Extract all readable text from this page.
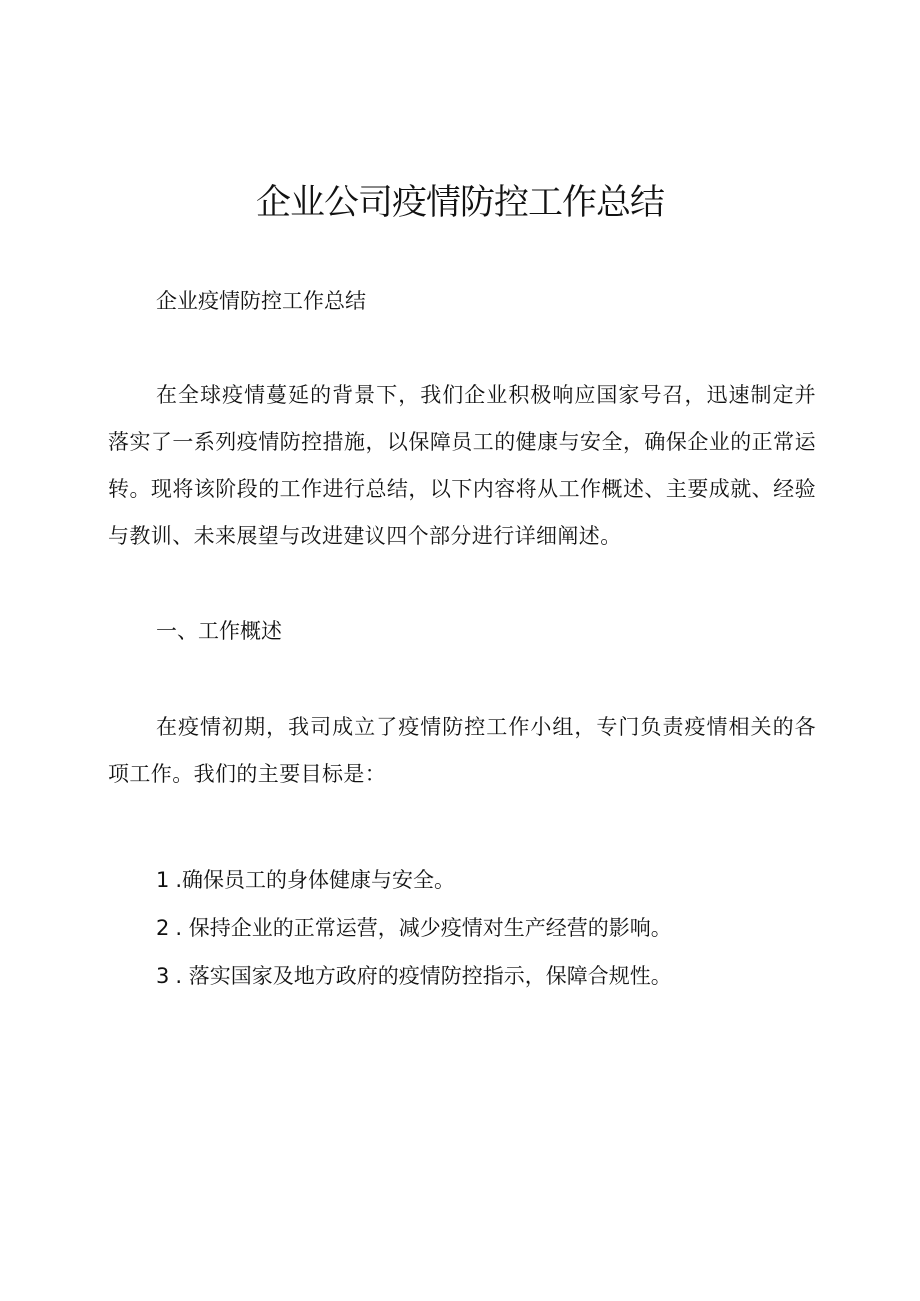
企业公司疫情防控工作总结

企业疫情防控工作总结

在全球疫情蔓延的背景下，我们企业积极响应国家号召，迅速制定并落实了一系列疫情防控措施，以保障员工的健康与安全，确保企业的正常运转。现将该阶段的工作进行总结，以下内容将从工作概述、主要成就、经验与教训、未来展望与改进建议四个部分进行详细阐述。

一、工作概述

在疫情初期，我司成立了疫情防控工作小组，专门负责疫情相关的各项工作。我们的主要目标是：

1 .确保员工的身体健康与安全。
2 . 保持企业的正常运营，减少疫情对生产经营的影响。
3 . 落实国家及地方政府的疫情防控指示，保障合规性。
